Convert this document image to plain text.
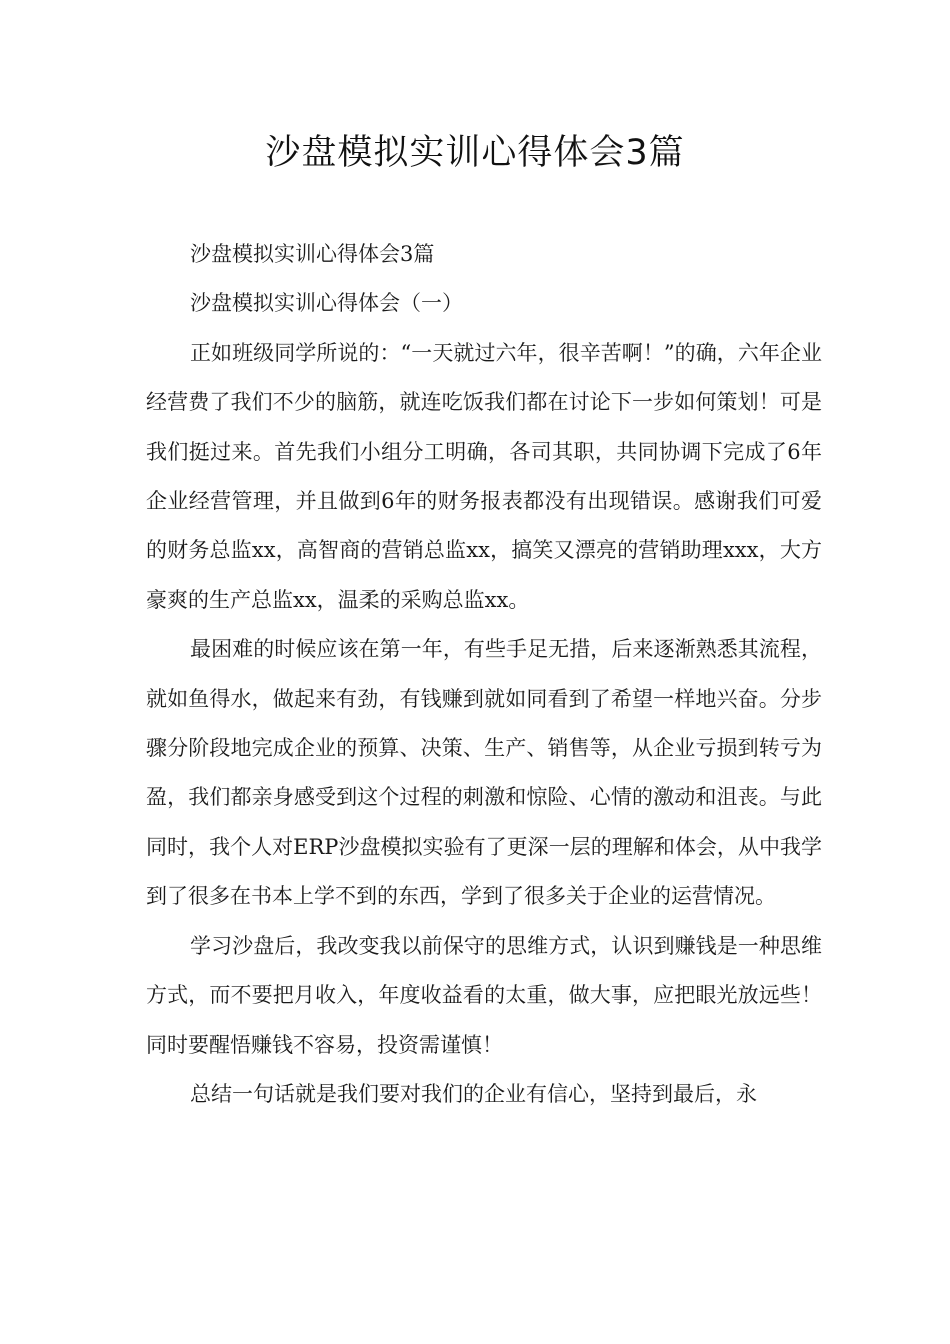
沙盘模拟实训心得体会3篇

沙盘模拟实训心得体会3篇

沙盘模拟实训心得体会（一）

正如班级同学所说的：“一天就过六年，很辛苦啊！”的确，六年企业经营费了我们不少的脑筋，就连吃饭我们都在讨论下一步如何策划！可是我们挺过来。首先我们小组分工明确，各司其职，共同协调下完成了6年企业经营管理，并且做到6年的财务报表都没有出现错误。感谢我们可爱的财务总监xx，高智商的营销总监xx，搞笑又漂亮的营销助理xxx，大方豪爽的生产总监xx，温柔的采购总监xx。

最困难的时候应该在第一年，有些手足无措，后来逐渐熟悉其流程，就如鱼得水，做起来有劲，有钱赚到就如同看到了希望一样地兴奋。分步骤分阶段地完成企业的预算、决策、生产、销售等，从企业亏损到转亏为盈，我们都亲身感受到这个过程的刺激和惊险、心情的激动和沮丧。与此同时，我个人对ERP沙盘模拟实验有了更深一层的理解和体会，从中我学到了很多在书本上学不到的东西，学到了很多关于企业的运营情况。

学习沙盘后，我改变我以前保守的思维方式，认识到赚钱是一种思维方式，而不要把月收入，年度收益看的太重，做大事，应把眼光放远些！同时要醒悟赚钱不容易，投资需谨慎！

总结一句话就是我们要对我们的企业有信心，坚持到最后，永
